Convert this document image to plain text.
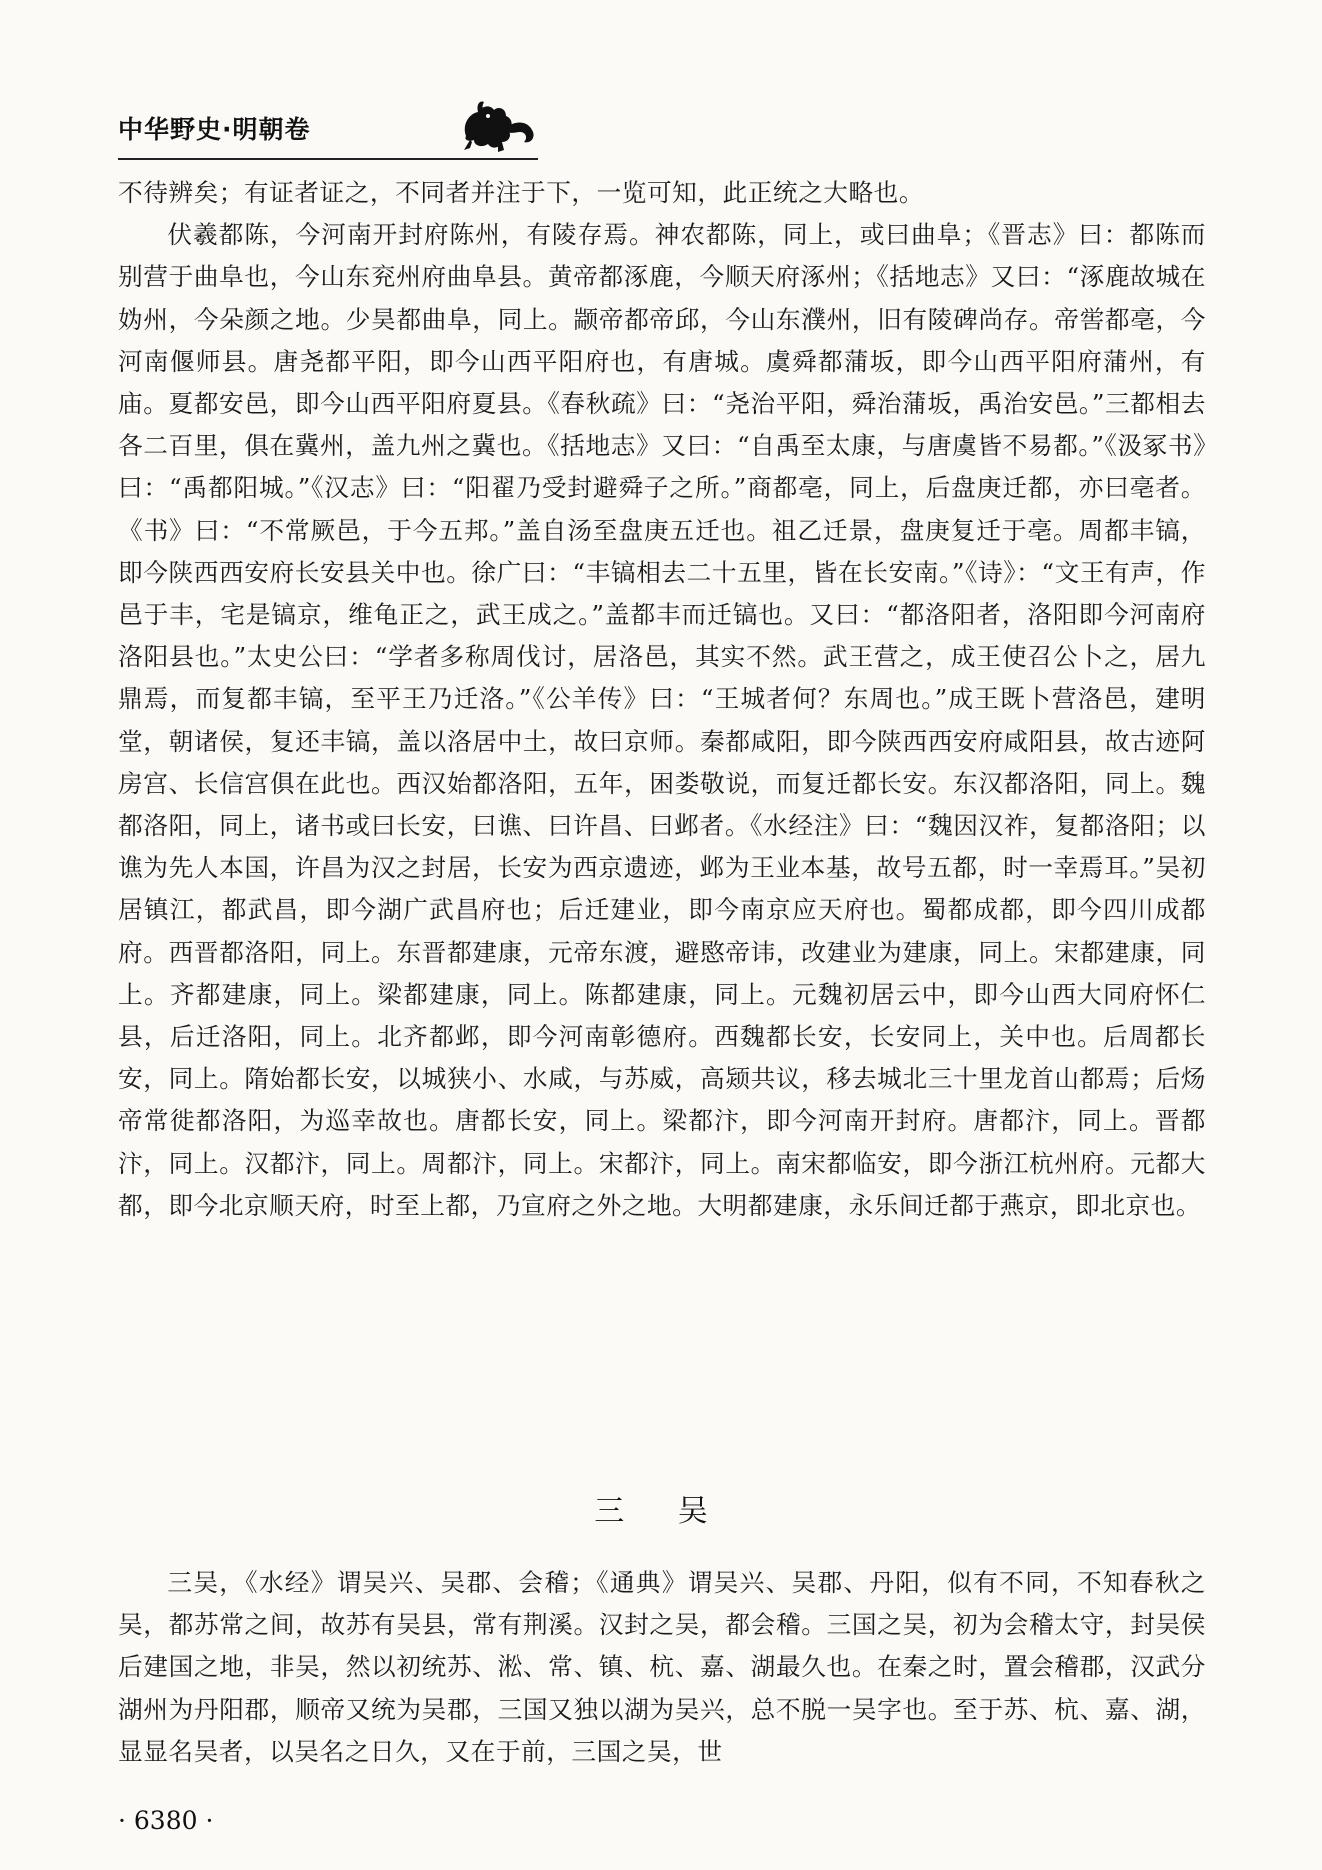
中华野史·明朝卷

不待辨矣；有证者证之，不同者并注于下，一览可知，此正统之大略也。

伏羲都陈，今河南开封府陈州，有陵存焉。神农都陈，同上，或曰曲阜；《晋志》曰：都陈而别营于曲阜也，今山东兖州府曲阜县。黄帝都涿鹿，今顺天府涿州；《括地志》又曰：“涿鹿故城在妫州，今朵颜之地。少昊都曲阜，同上。颛帝都帝邱，今山东濮州，旧有陵碑尚存。帝喾都亳，今河南偃师县。唐尧都平阳，即今山西平阳府也，有唐城。虞舜都蒲坂，即今山西平阳府蒲州，有庙。夏都安邑，即今山西平阳府夏县。《春秋疏》曰：“尧治平阳，舜治蒲坂，禹治安邑。”三都相去各二百里，俱在冀州，盖九州之冀也。《括地志》又曰：“自禹至太康，与唐虞皆不易都。”《汲冢书》曰：“禹都阳城。”《汉志》曰：“阳翟乃受封避舜子之所。”商都亳，同上，后盘庚迁都，亦曰亳者。《书》曰：“不常厥邑，于今五邦。”盖自汤至盘庚五迁也。祖乙迁景，盘庚复迁于亳。周都丰镐，即今陕西西安府长安县关中也。徐广曰：“丰镐相去二十五里，皆在长安南。”《诗》：“文王有声，作邑于丰，宅是镐京，维龟正之，武王成之。”盖都丰而迁镐也。又曰：“都洛阳者，洛阳即今河南府洛阳县也。”太史公曰：“学者多称周伐讨，居洛邑，其实不然。武王营之，成王使召公卜之，居九鼎焉，而复都丰镐，至平王乃迁洛。”《公羊传》曰：“王城者何？东周也。”成王既卜营洛邑，建明堂，朝诸侯，复还丰镐，盖以洛居中土，故曰京师。秦都咸阳，即今陕西西安府咸阳县，故古迹阿房宫、长信宫俱在此也。西汉始都洛阳，五年，困娄敬说，而复迁都长安。东汉都洛阳，同上。魏都洛阳，同上，诸书或曰长安，曰谯、曰许昌、曰邺者。《水经注》曰：“魏因汉祚，复都洛阳；以谯为先人本国，许昌为汉之封居，长安为西京遗迹，邺为王业本基，故号五都，时一幸焉耳。”吴初居镇江，都武昌，即今湖广武昌府也；后迁建业，即今南京应天府也。蜀都成都，即今四川成都府。西晋都洛阳，同上。东晋都建康，元帝东渡，避愍帝讳，改建业为建康，同上。宋都建康，同上。齐都建康，同上。梁都建康，同上。陈都建康，同上。元魏初居云中，即今山西大同府怀仁县，后迁洛阳，同上。北齐都邺，即今河南彰德府。西魏都长安，长安同上，关中也。后周都长安，同上。隋始都长安，以城狭小、水咸，与苏威，高颎共议，移去城北三十里龙首山都焉；后炀帝常徙都洛阳，为巡幸故也。唐都长安，同上。梁都汴，即今河南开封府。唐都汴，同上。晋都汴，同上。汉都汴，同上。周都汴，同上。宋都汴，同上。南宋都临安，即今浙江杭州府。元都大都，即今北京顺天府，时至上都，乃宣府之外之地。大明都建康，永乐间迁都于燕京，即北京也。

三 吴

三吴，《水经》谓吴兴、吴郡、会稽；《通典》谓吴兴、吴郡、丹阳，似有不同，不知春秋之吴，都苏常之间，故苏有吴县，常有荆溪。汉封之吴，都会稽。三国之吴，初为会稽太守，封吴侯后建国之地，非吴，然以初统苏、淞、常、镇、杭、嘉、湖最久也。在秦之时，置会稽郡，汉武分湖州为丹阳郡，顺帝又统为吴郡，三国又独以湖为吴兴，总不脱一吴字也。至于苏、杭、嘉、湖，显显名吴者，以吴名之日久，又在于前，三国之吴，世

· 6380 ·
